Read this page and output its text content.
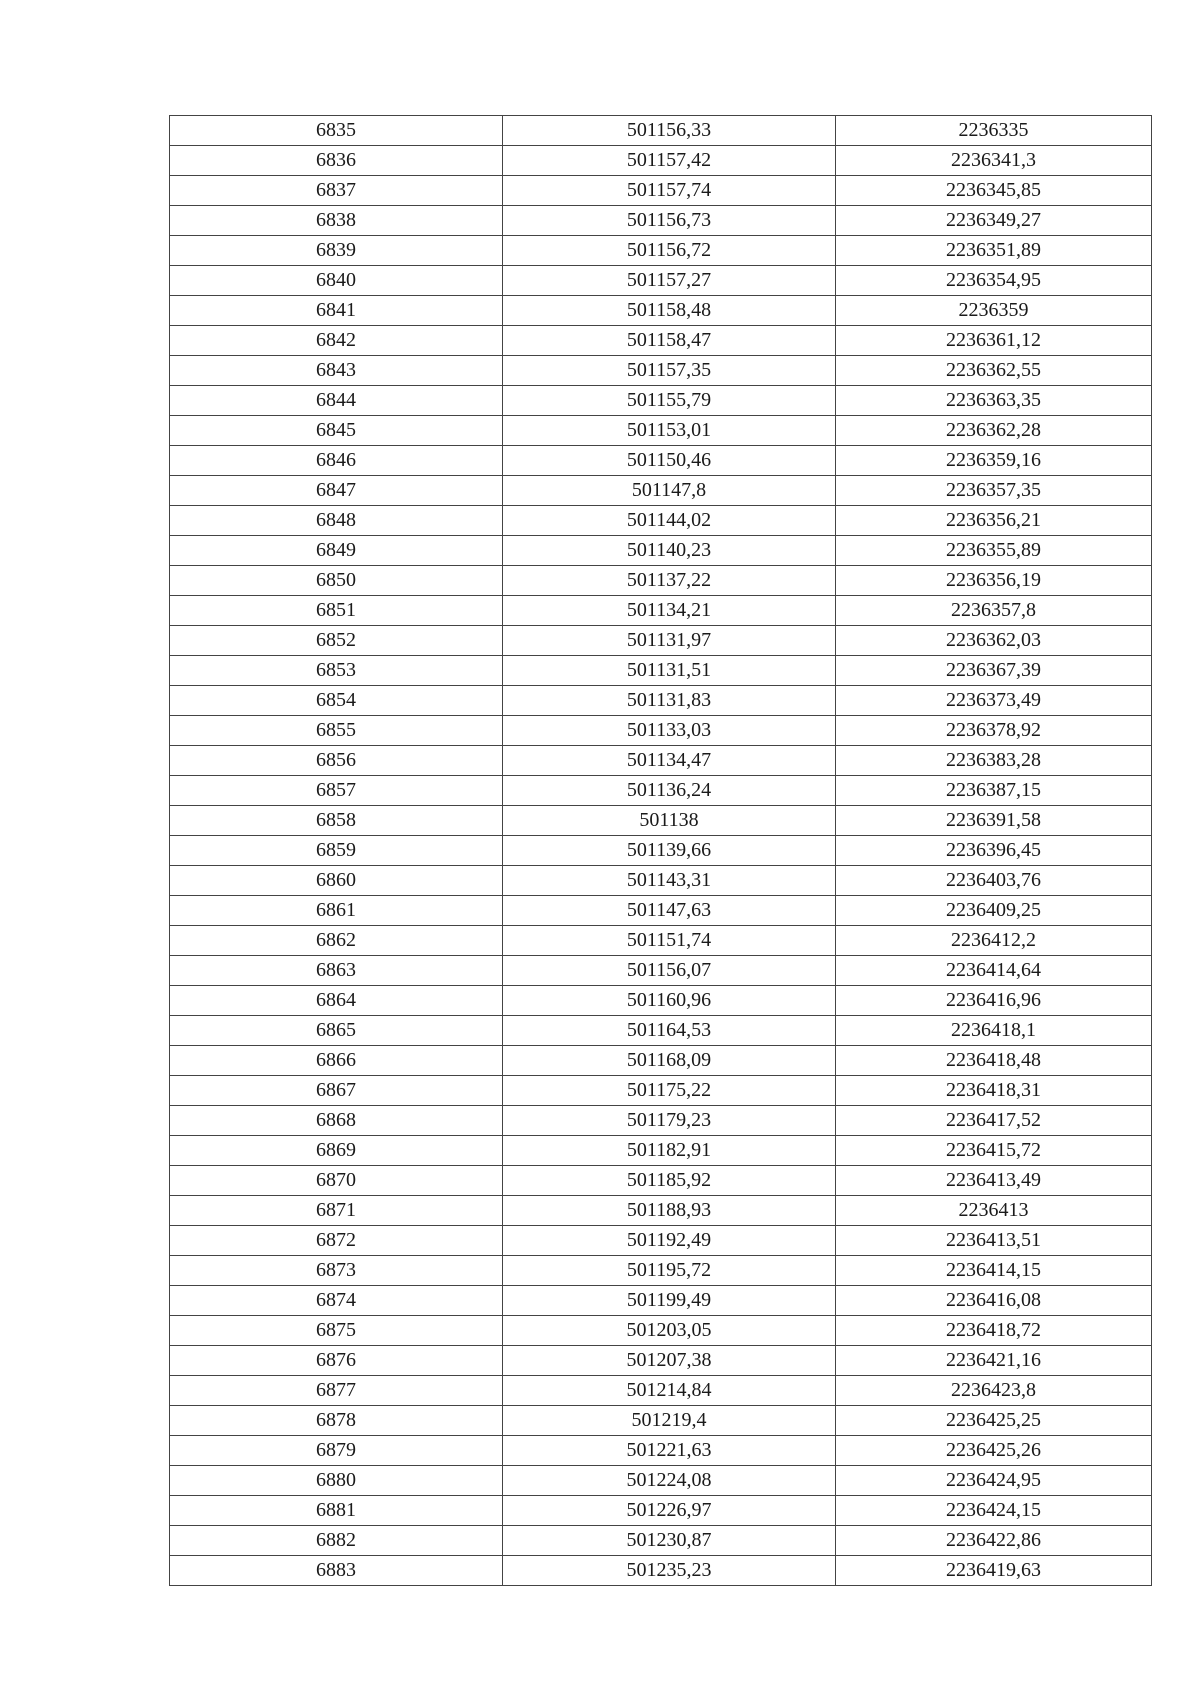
6835	501156,33	2236335
6836	501157,42	2236341,3
6837	501157,74	2236345,85
6838	501156,73	2236349,27
6839	501156,72	2236351,89
6840	501157,27	2236354,95
6841	501158,48	2236359
6842	501158,47	2236361,12
6843	501157,35	2236362,55
6844	501155,79	2236363,35
6845	501153,01	2236362,28
6846	501150,46	2236359,16
6847	501147,8	2236357,35
6848	501144,02	2236356,21
6849	501140,23	2236355,89
6850	501137,22	2236356,19
6851	501134,21	2236357,8
6852	501131,97	2236362,03
6853	501131,51	2236367,39
6854	501131,83	2236373,49
6855	501133,03	2236378,92
6856	501134,47	2236383,28
6857	501136,24	2236387,15
6858	501138	2236391,58
6859	501139,66	2236396,45
6860	501143,31	2236403,76
6861	501147,63	2236409,25
6862	501151,74	2236412,2
6863	501156,07	2236414,64
6864	501160,96	2236416,96
6865	501164,53	2236418,1
6866	501168,09	2236418,48
6867	501175,22	2236418,31
6868	501179,23	2236417,52
6869	501182,91	2236415,72
6870	501185,92	2236413,49
6871	501188,93	2236413
6872	501192,49	2236413,51
6873	501195,72	2236414,15
6874	501199,49	2236416,08
6875	501203,05	2236418,72
6876	501207,38	2236421,16
6877	501214,84	2236423,8
6878	501219,4	2236425,25
6879	501221,63	2236425,26
6880	501224,08	2236424,95
6881	501226,97	2236424,15
6882	501230,87	2236422,86
6883	501235,23	2236419,63
